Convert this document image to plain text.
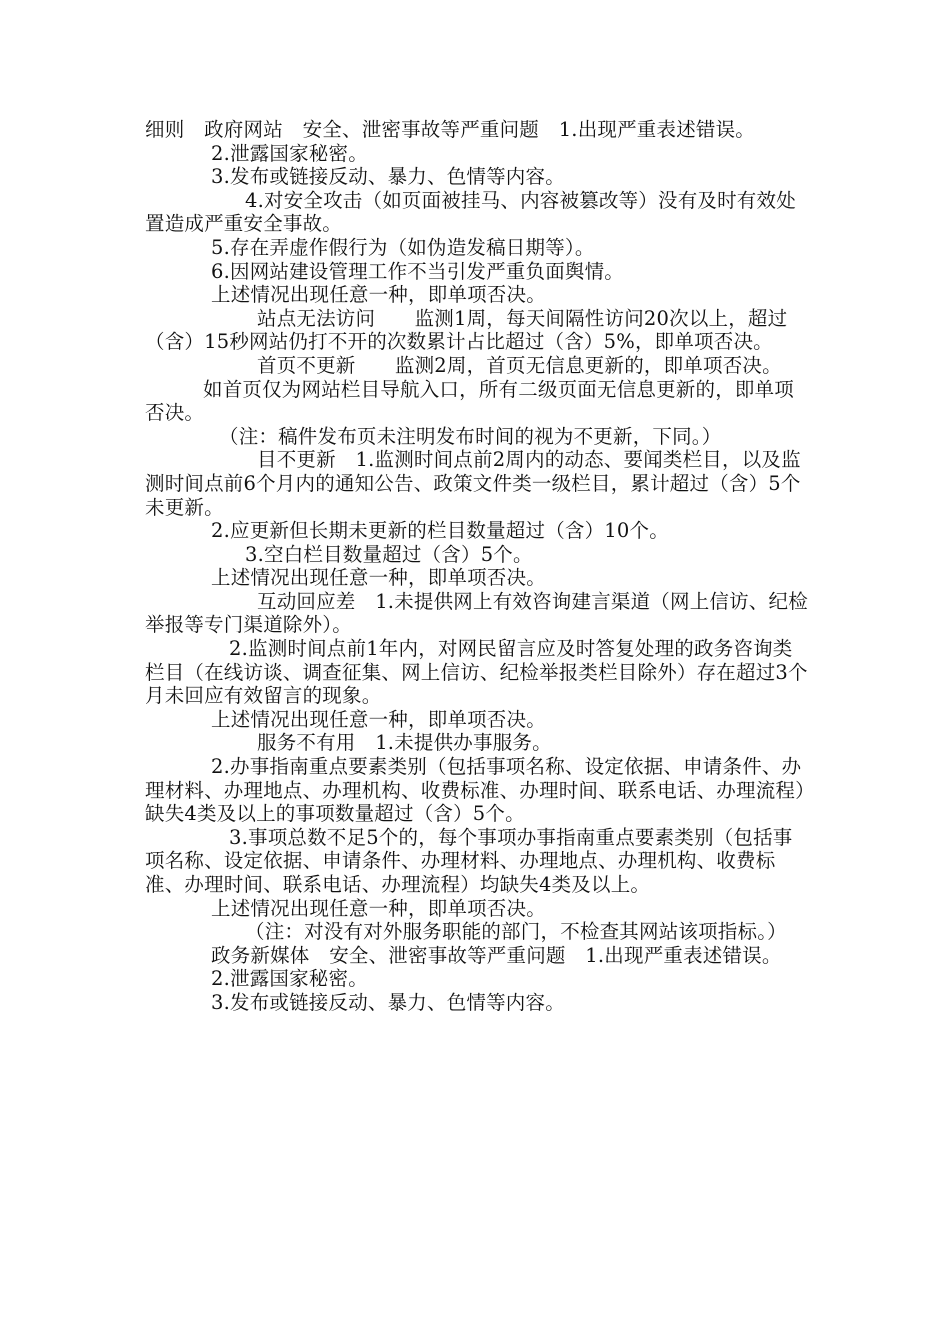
细则　政府网站　安全、泄密事故等严重问题　1.出现严重表述错误。

2.泄露国家秘密。

3.发布或链接反动、暴力、色情等内容。

4.对安全攻击（如页面被挂马、内容被篡改等）没有及时有效处置造成严重安全事故。

5.存在弄虚作假行为（如伪造发稿日期等）。

6.因网站建设管理工作不当引发严重负面舆情。

上述情况出现任意一种，即单项否决。

站点无法访问　　监测1周，每天间隔性访问20次以上，超过（含）15秒网站仍打不开的次数累计占比超过（含）5%，即单项否决。

首页不更新　　监测2周，首页无信息更新的，即单项否决。

如首页仅为网站栏目导航入口，所有二级页面无信息更新的，即单项否决。

（注：稿件发布页未注明发布时间的视为不更新，下同。）

目不更新　1.监测时间点前2周内的动态、要闻类栏目，以及监测时间点前6个月内的通知公告、政策文件类一级栏目，累计超过（含）5个未更新。

2.应更新但长期未更新的栏目数量超过（含）10个。

3.空白栏目数量超过（含）5个。

上述情况出现任意一种，即单项否决。

互动回应差　1.未提供网上有效咨询建言渠道（网上信访、纪检举报等专门渠道除外）。

2.监测时间点前1年内，对网民留言应及时答复处理的政务咨询类栏目（在线访谈、调查征集、网上信访、纪检举报类栏目除外）存在超过3个月未回应有效留言的现象。

上述情况出现任意一种，即单项否决。

服务不有用　1.未提供办事服务。

2.办事指南重点要素类别（包括事项名称、设定依据、申请条件、办理材料、办理地点、办理机构、收费标准、办理时间、联系电话、办理流程）缺失4类及以上的事项数量超过（含）5个。

3.事项总数不足5个的，每个事项办事指南重点要素类别（包括事项名称、设定依据、申请条件、办理材料、办理地点、办理机构、收费标准、办理时间、联系电话、办理流程）均缺失4类及以上。

上述情况出现任意一种，即单项否决。

（注：对没有对外服务职能的部门，不检查其网站该项指标。）

政务新媒体　安全、泄密事故等严重问题　1.出现严重表述错误。

2.泄露国家秘密。

3.发布或链接反动、暴力、色情等内容。
